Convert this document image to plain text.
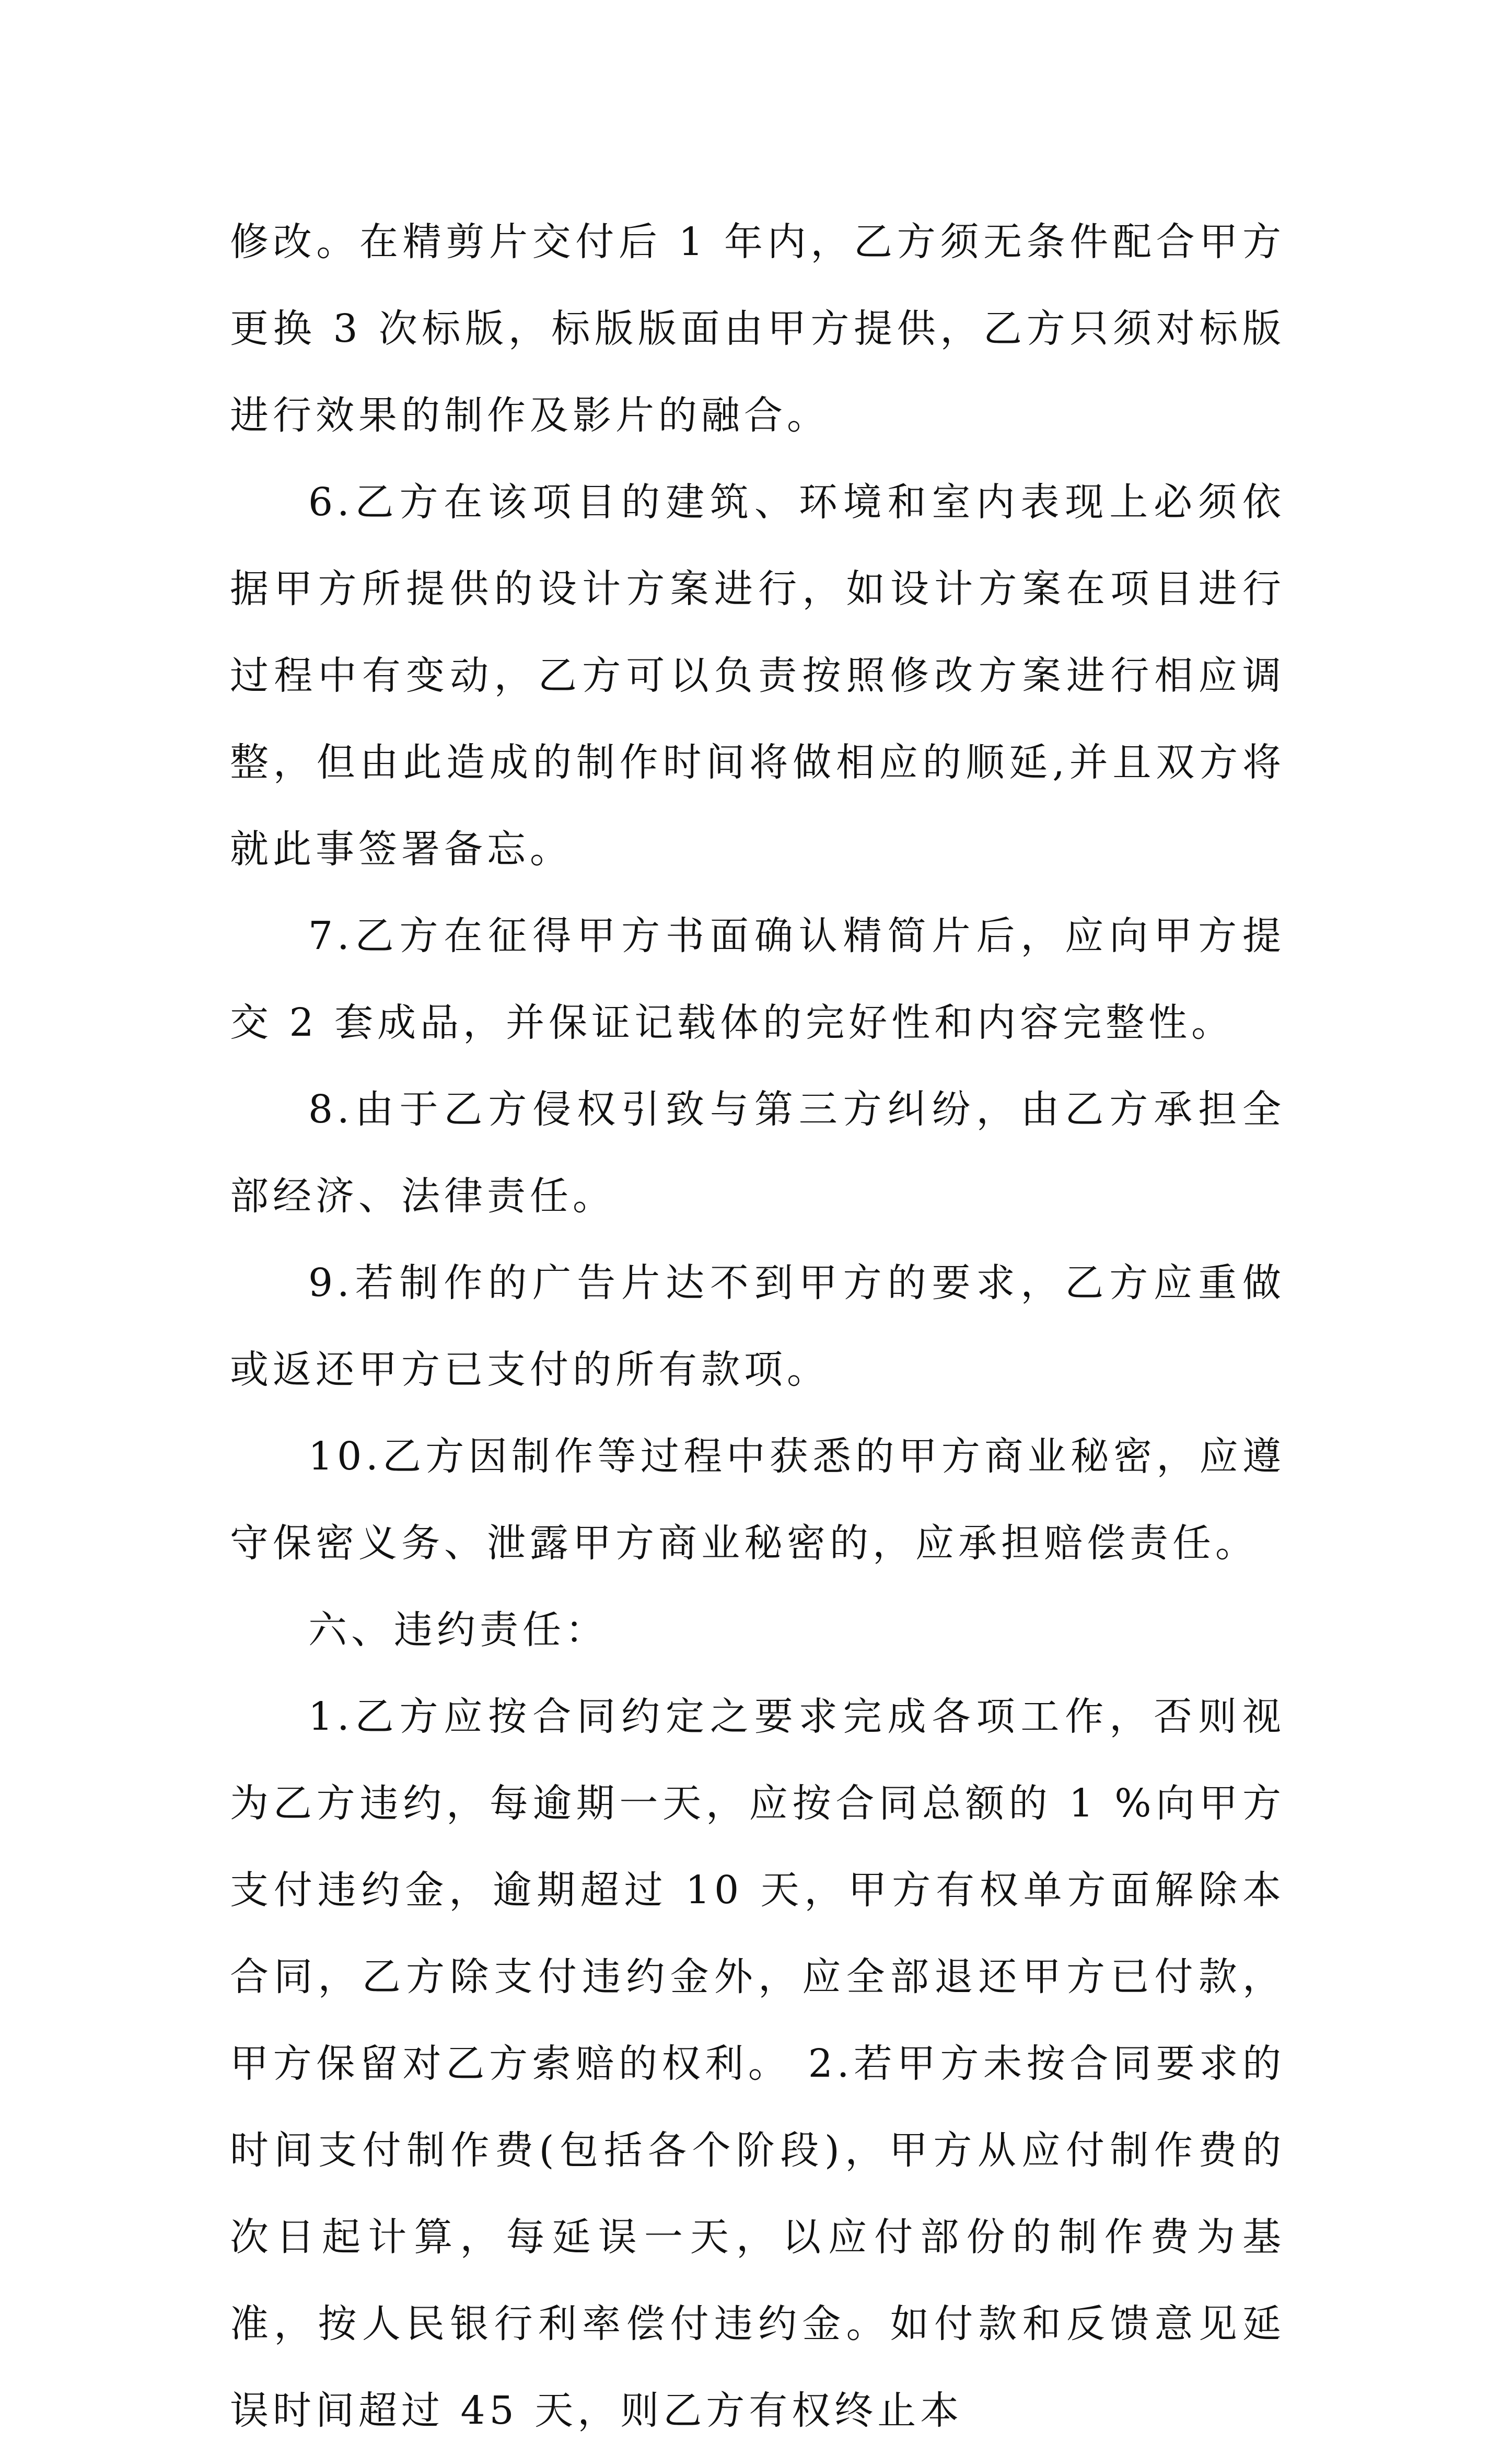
修改。在精剪片交付后 1 年内，乙方须无条件配合甲方更换 3 次标版，标版版面由甲方提供，乙方只须对标版进行效果的制作及影片的融合。

6.乙方在该项目的建筑、环境和室内表现上必须依据甲方所提供的设计方案进行，如设计方案在项目进行过程中有变动，乙方可以负责按照修改方案进行相应调整，但由此造成的制作时间将做相应的顺延,并且双方将就此事签署备忘。

7.乙方在征得甲方书面确认精简片后，应向甲方提交 2 套成品，并保证记载体的完好性和内容完整性。

8.由于乙方侵权引致与第三方纠纷，由乙方承担全部经济、法律责任。

9.若制作的广告片达不到甲方的要求，乙方应重做或返还甲方已支付的所有款项。

10.乙方因制作等过程中获悉的甲方商业秘密，应遵守保密义务、泄露甲方商业秘密的，应承担赔偿责任。

六、违约责任：

1.乙方应按合同约定之要求完成各项工作，否则视为乙方违约，每逾期一天，应按合同总额的 1 %向甲方支付违约金，逾期超过 10 天，甲方有权单方面解除本合同，乙方除支付违约金外，应全部退还甲方已付款，甲方保留对乙方索赔的权利。 2.若甲方未按合同要求的时间支付制作费(包括各个阶段)，甲方从应付制作费的次日起计算，每延误一天，以应付部份的制作费为基准，按人民银行利率偿付违约金。如付款和反馈意见延误时间超过 45 天，则乙方有权终止本
